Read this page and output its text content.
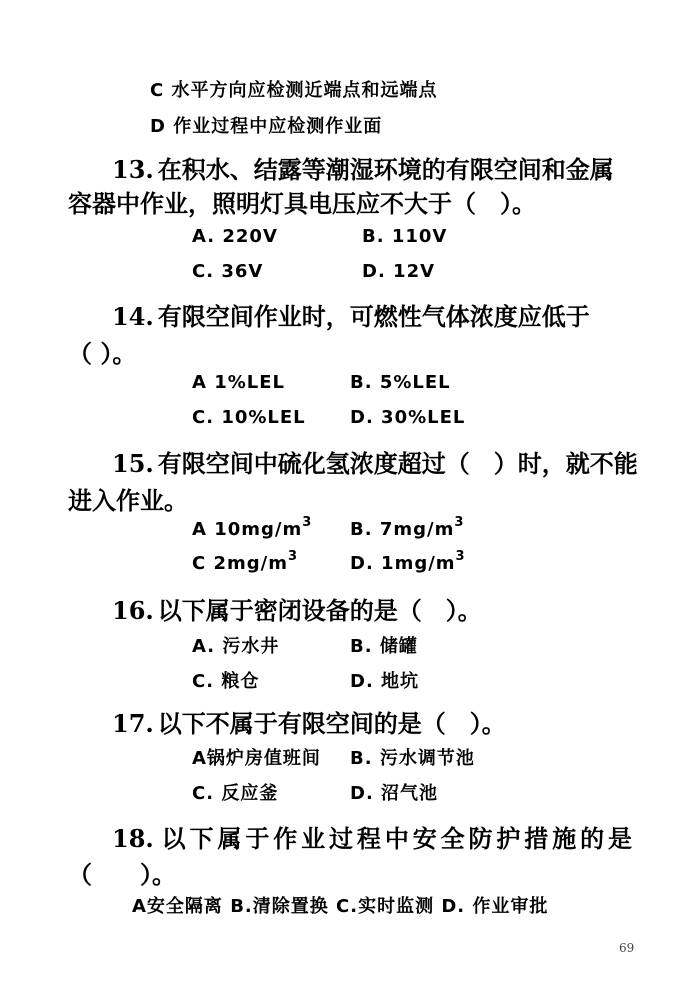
C 水平方向应检测近端点和远端点
D 作业过程中应检测作业面
13. 在积水、结露等潮湿环境的有限空间和金属
容器中作业，照明灯具电压应不大于（　）。
A. 220V	B. 110V
C. 36V	D. 12V
14. 有限空间作业时，可燃性气体浓度应低于
（ ）。
A 1%LEL	B. 5%LEL
C. 10%LEL D. 30%LEL
15. 有限空间中硫化氢浓度超过（　）时，就不能
进入作业。
A $10mg/m^3$ B. $7mg/m^3$
C $2mg/m^3$	D. $1mg/m^3$
16. 以下属于密闭设备的是（　）。
A. 污水井	B. 储罐
C. 粮仓	D. 地坑
17. 以下不属于有限空间的是（　）。
A锅炉房值班间 B. 污水调节池
C. 反应釜	D. 沼气池
18. 以下属于作业过程中安全防护措施的是
（　　）。
A安全隔离 B.清除置换 C.实时监测 D. 作业审批
69
